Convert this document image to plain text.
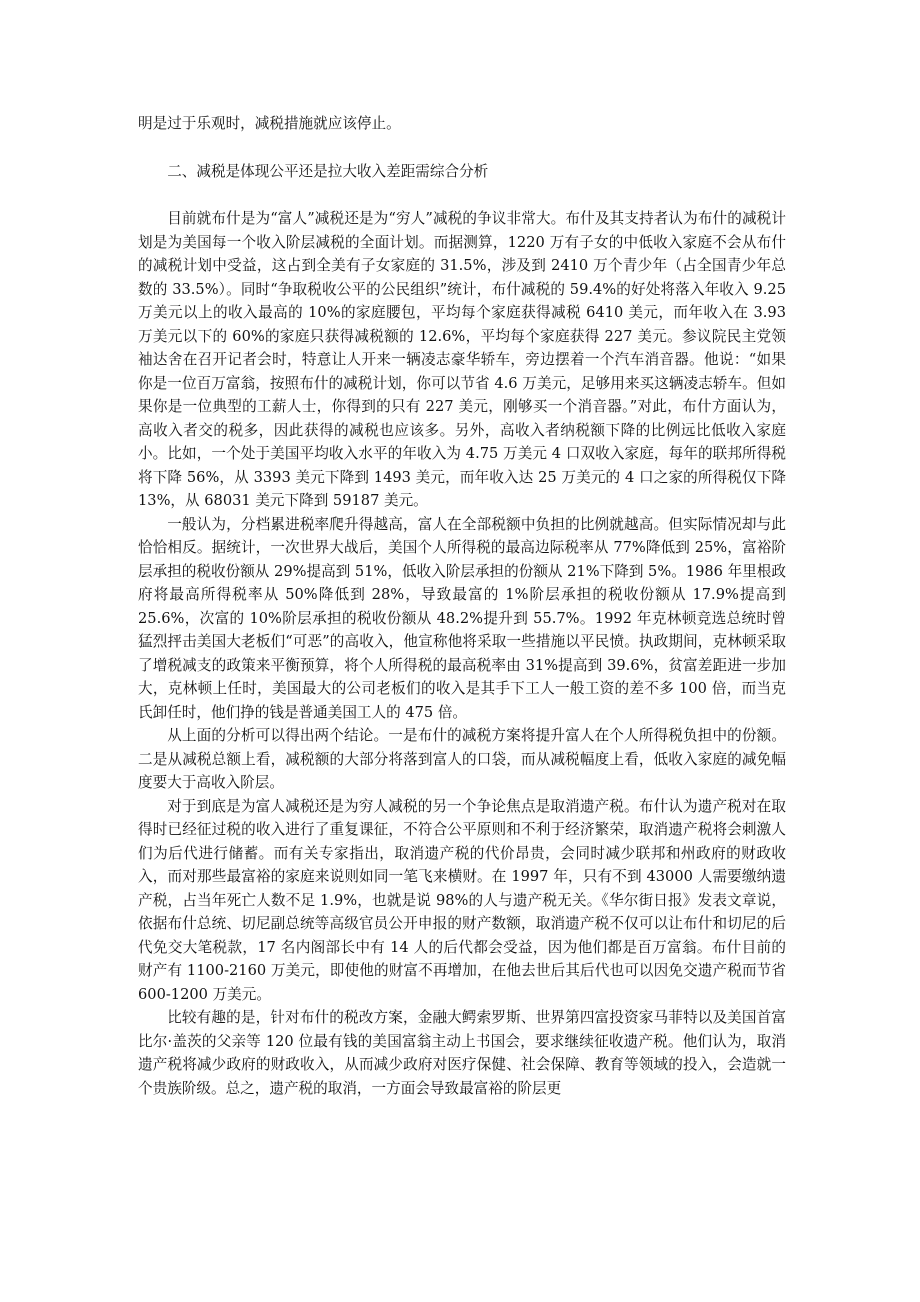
明是过于乐观时，减税措施就应该停止。

二、减税是体现公平还是拉大收入差距需综合分析

目前就布什是为“富人”减税还是为“穷人”减税的争议非常大。布什及其支持者认为布什的减税计划是为美国每一个收入阶层减税的全面计划。而据测算，1220 万有子女的中低收入家庭不会从布什的减税计划中受益，这占到全美有子女家庭的 31.5%，涉及到 2410 万个青少年（占全国青少年总数的 33.5%）。同时“争取税收公平的公民组织”统计，布什减税的 59.4%的好处将落入年收入 9.25 万美元以上的收入最高的 10%的家庭腰包，平均每个家庭获得减税 6410 美元，而年收入在 3.93 万美元以下的 60%的家庭只获得减税额的 12.6%，平均每个家庭获得 227 美元。参议院民主党领袖达舍在召开记者会时，特意让人开来一辆凌志豪华轿车，旁边摆着一个汽车消音器。他说：“如果你是一位百万富翁，按照布什的减税计划，你可以节省 4.6 万美元，足够用来买这辆凌志轿车。但如果你是一位典型的工薪人士，你得到的只有 227 美元，刚够买一个消音器。”对此，布什方面认为，高收入者交的税多，因此获得的减税也应该多。另外，高收入者纳税额下降的比例远比低收入家庭小。比如，一个处于美国平均收入水平的年收入为 4.75 万美元 4 口双收入家庭，每年的联邦所得税将下降 56%，从 3393 美元下降到 1493 美元，而年收入达 25 万美元的 4 口之家的所得税仅下降 13%，从 68031 美元下降到 59187 美元。

一般认为，分档累进税率爬升得越高，富人在全部税额中负担的比例就越高。但实际情况却与此恰恰相反。据统计，一次世界大战后，美国个人所得税的最高边际税率从 77%降低到 25%，富裕阶层承担的税收份额从 29%提高到 51%，低收入阶层承担的份额从 21%下降到 5%。1986 年里根政府将最高所得税率从 50%降低到 28%，导致最富的 1%阶层承担的税收份额从 17.9%提高到 25.6%，次富的 10%阶层承担的税收份额从 48.2%提升到 55.7%。1992 年克林顿竞选总统时曾猛烈抨击美国大老板们“可恶”的高收入，他宣称他将采取一些措施以平民愤。执政期间，克林顿采取了增税减支的政策来平衡预算，将个人所得税的最高税率由 31%提高到 39.6%，贫富差距进一步加大，克林顿上任时，美国最大的公司老板们的收入是其手下工人一般工资的差不多 100 倍，而当克氏卸任时，他们挣的钱是普通美国工人的 475 倍。

从上面的分析可以得出两个结论。一是布什的减税方案将提升富人在个人所得税负担中的份额。二是从减税总额上看，减税额的大部分将落到富人的口袋，而从减税幅度上看，低收入家庭的减免幅度要大于高收入阶层。

对于到底是为富人减税还是为穷人减税的另一个争论焦点是取消遗产税。布什认为遗产税对在取得时已经征过税的收入进行了重复课征，不符合公平原则和不利于经济繁荣，取消遗产税将会刺激人们为后代进行储蓄。而有关专家指出，取消遗产税的代价昂贵，会同时减少联邦和州政府的财政收入，而对那些最富裕的家庭来说则如同一笔飞来横财。在 1997 年，只有不到 43000 人需要缴纳遗产税，占当年死亡人数不足 1.9%，也就是说 98%的人与遗产税无关。《华尔街日报》发表文章说，依据布什总统、切尼副总统等高级官员公开申报的财产数额，取消遗产税不仅可以让布什和切尼的后代免交大笔税款，17 名内阁部长中有 14 人的后代都会受益，因为他们都是百万富翁。布什目前的财产有 1100-2160 万美元，即使他的财富不再增加，在他去世后其后代也可以因免交遗产税而节省 600-1200 万美元。

比较有趣的是，针对布什的税改方案，金融大鳄索罗斯、世界第四富投资家马菲特以及美国首富比尔·盖茨的父亲等 120 位最有钱的美国富翁主动上书国会，要求继续征收遗产税。他们认为，取消遗产税将减少政府的财政收入，从而减少政府对医疗保健、社会保障、教育等领域的投入，会造就一个贵族阶级。总之，遗产税的取消，一方面会导致最富裕的阶层更
